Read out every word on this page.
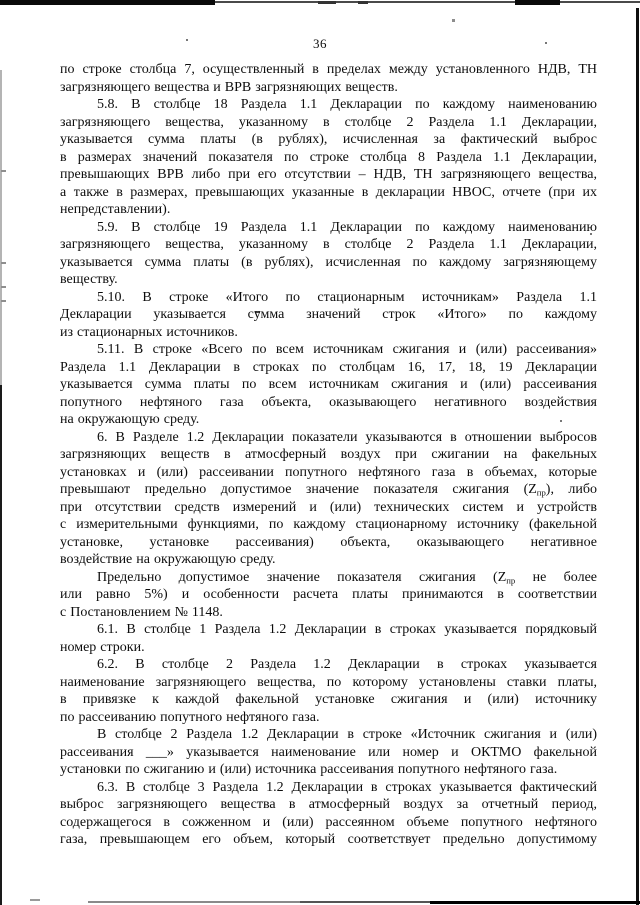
36
по строке столбца 7, осуществленный в пределах между установленного НДВ, ТН
загрязняющего вещества и ВРВ загрязняющих веществ.
5.8. В столбце 18 Раздела 1.1 Декларации по каждому наименованию
загрязняющего вещества, указанному в столбце 2 Раздела 1.1 Декларации,
указывается сумма платы (в рублях), исчисленная за фактический выброс
в размерах значений показателя по строке столбца 8 Раздела 1.1 Декларации,
превышающих ВРВ либо при его отсутствии – НДВ, ТН загрязняющего вещества,
а также в размерах, превышающих указанные в декларации НВОС, отчете (при их
непредставлении).
5.9. В столбце 19 Раздела 1.1 Декларации по каждому наименованию
загрязняющего вещества, указанному в столбце 2 Раздела 1.1 Декларации,
указывается сумма платы (в рублях), исчисленная по каждому загрязняющему
веществу.
5.10. В строке «Итого по стационарным источникам» Раздела 1.1
Декларации указывается сумма значений строк «Итого» по каждому
из стационарных источников.
5.11. В строке «Всего по всем источникам сжигания и (или) рассеивания»
Раздела 1.1 Декларации в строках по столбцам 16, 17, 18, 19 Декларации
указывается сумма платы по всем источникам сжигания и (или) рассеивания
попутного нефтяного газа объекта, оказывающего негативного воздействия
на окружающую среду.
6. В Разделе 1.2 Декларации показатели указываются в отношении выбросов
загрязняющих веществ в атмосферный воздух при сжигании на факельных
установках и (или) рассеивании попутного нефтяного газа в объемах, которые
превышают предельно допустимое значение показателя сжигания $(Z_{пр})$, либо
при отсутствии средств измерений и (или) технических систем и устройств
с измерительными функциями, по каждому стационарному источнику (факельной
установке, установке рассеивания) объекта, оказывающего негативное
воздействие на окружающую среду.
Предельно допустимое значение показателя сжигания ($Z_{пр}$ не более
или равно 5%) и особенности расчета платы принимаются в соответствии
с Постановлением № 1148.
6.1. В столбце 1 Раздела 1.2 Декларации в строках указывается порядковый
номер строки.
6.2. В столбце 2 Раздела 1.2 Декларации в строках указывается
наименование загрязняющего вещества, по которому установлены ставки платы,
в привязке к каждой факельной установке сжигания и (или) источнику
по рассеиванию попутного нефтяного газа.
В столбце 2 Раздела 1.2 Декларации в строке «Источник сжигания и (или)
рассеивания ___» указывается наименование или номер и ОКТМО факельной
установки по сжиганию и (или) источника рассеивания попутного нефтяного газа.
6.3. В столбце 3 Раздела 1.2 Декларации в строках указывается фактический
выброс загрязняющего вещества в атмосферный воздух за отчетный период,
содержащегося в сожженном и (или) рассеянном объеме попутного нефтяного
газа, превышающем его объем, который соответствует предельно допустимому
